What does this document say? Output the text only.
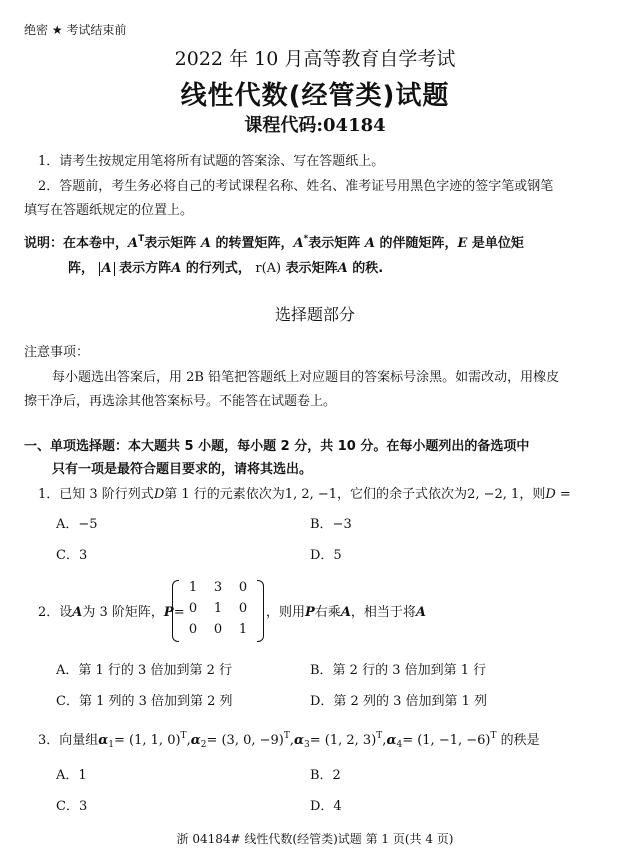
绝密 ★ 考试结束前
2022 年 10 月高等教育自学考试
线性代数(经管类)试题
课程代码:04184
1．请考生按规定用笔将所有试题的答案涂、写在答题纸上。
2．答题前，考生务必将自己的考试课程名称、姓名、准考证号用黑色字迹的签字笔或钢笔
填写在答题纸规定的位置上。
说明：在本卷中，$A^T$表示矩阵 A 的转置矩阵，A*表示矩阵 A 的伴随矩阵，E 是单位矩
阵， A 表示方阵A 的行列式， r(A) 表示矩阵A 的秩.
选择题部分
注意事项：
每小题选出答案后，用 2B 铅笔把答题纸上对应题目的答案标号涂黑。如需改动，用橡皮
擦干净后，再选涂其他答案标号。不能答在试题卷上。
一、单项选择题：本大题共 5 小题，每小题 2 分，共 10 分。在每小题列出的备选项中
只有一项是最符合题目要求的，请将其选出。
1．已知 3 阶行列式D第 1 行的元素依次为1, 2, −1，它们的余子式依次为2, −2, 1，则D =
A．−5	B．−3
C．3	D．5
2．设A为 3 阶矩阵，P=
1	3	0
0	1	0
0	0	1
，则用P右乘A，相当于将A
A．第 1 行的 3 倍加到第 2 行	B．第 2 行的 3 倍加到第 1 行
C．第 1 列的 3 倍加到第 2 列	D．第 2 列的 3 倍加到第 1 列
3．向量组$\alpha_1= (1$, 1, $0)^T,\alpha_2= (3$, 0, $-9)^T,\alpha_3= (1$, 2, $3)^T,\alpha_4= (1$, −1, −6)$^T$ 的秩是
A．1	B．2
C．3	D．4
浙 04184# 线性代数(经管类)试题 第 1 页(共 4 页)
